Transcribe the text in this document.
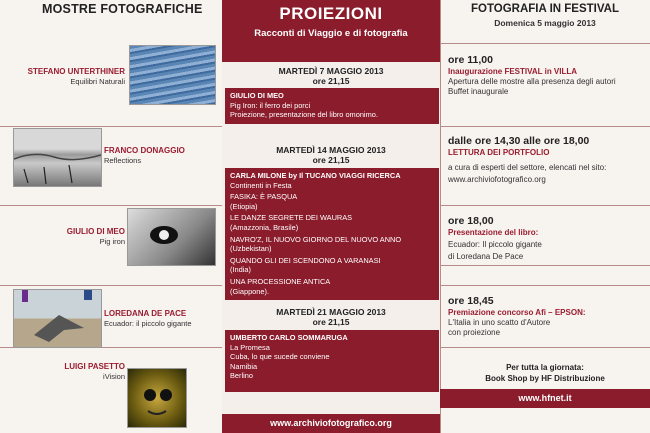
MOSTRE FOTOGRAFICHE
STEFANO UNTERTHINER
Equilibri Naturali
FRANCO DONAGGIO
Reflections
GIULIO DI MEO
Pig iron
LOREDANA DE PACE
Ecuador: il piccolo gigante
LUIGI PASETTO
iVision
PROIEZIONI
Racconti di Viaggio e di fotografia
MARTEDÌ 7 MAGGIO 2013
ore 21,15
GIULIO DI MEO
Pig Iron: il ferro dei porci
Proiezione, presentazione del libro omonimo.
MARTEDÌ 14 MAGGIO 2013
ore 21,15
CARLA MILONE by Il TUCANO VIAGGI RICERCA
Continenti in Festa
FASIKA: È PASQUA
(Etiopia)
LE DANZE SEGRETE DEI WAURAS
(Amazzonia, Brasile)
NAVRO'Z, IL NUOVO GIORNO DEL NUOVO ANNO
(Uzbekistan)
QUANDO GLI DEI SCENDONO A VARANASI
(India)
UNA PROCESSIONE ANTICA
(Giappone).
MARTEDÌ 21 MAGGIO 2013
ore 21,15
UMBERTO CARLO SOMMARUGA
La Promesa
Cuba, lo que sucede conviene
Namibia
Berlino
www.archiviofotografico.org
FOTOGRAFIA IN FESTIVAL
Domenica 5 maggio 2013
ore 11,00
Inaugurazione FESTIVAL in VILLA
Apertura delle mostre alla presenza degli autori
Buffet inaugurale
dalle ore 14,30 alle ore 18,00
LETTURA DEI PORTFOLIO
a cura di esperti del settore, elencati nel sito:
www.archiviofotografico.org
ore 18,00
Presentazione del libro:
Ecuador: Il piccolo gigante
di Loredana De Pace
ore 18,45
Premiazione concorso Afi – EPSON:
L'Italia in uno scatto d'Autore
con proiezione
Per tutta la giornata:
Book Shop by HF Distribuzione
www.hfnet.it
